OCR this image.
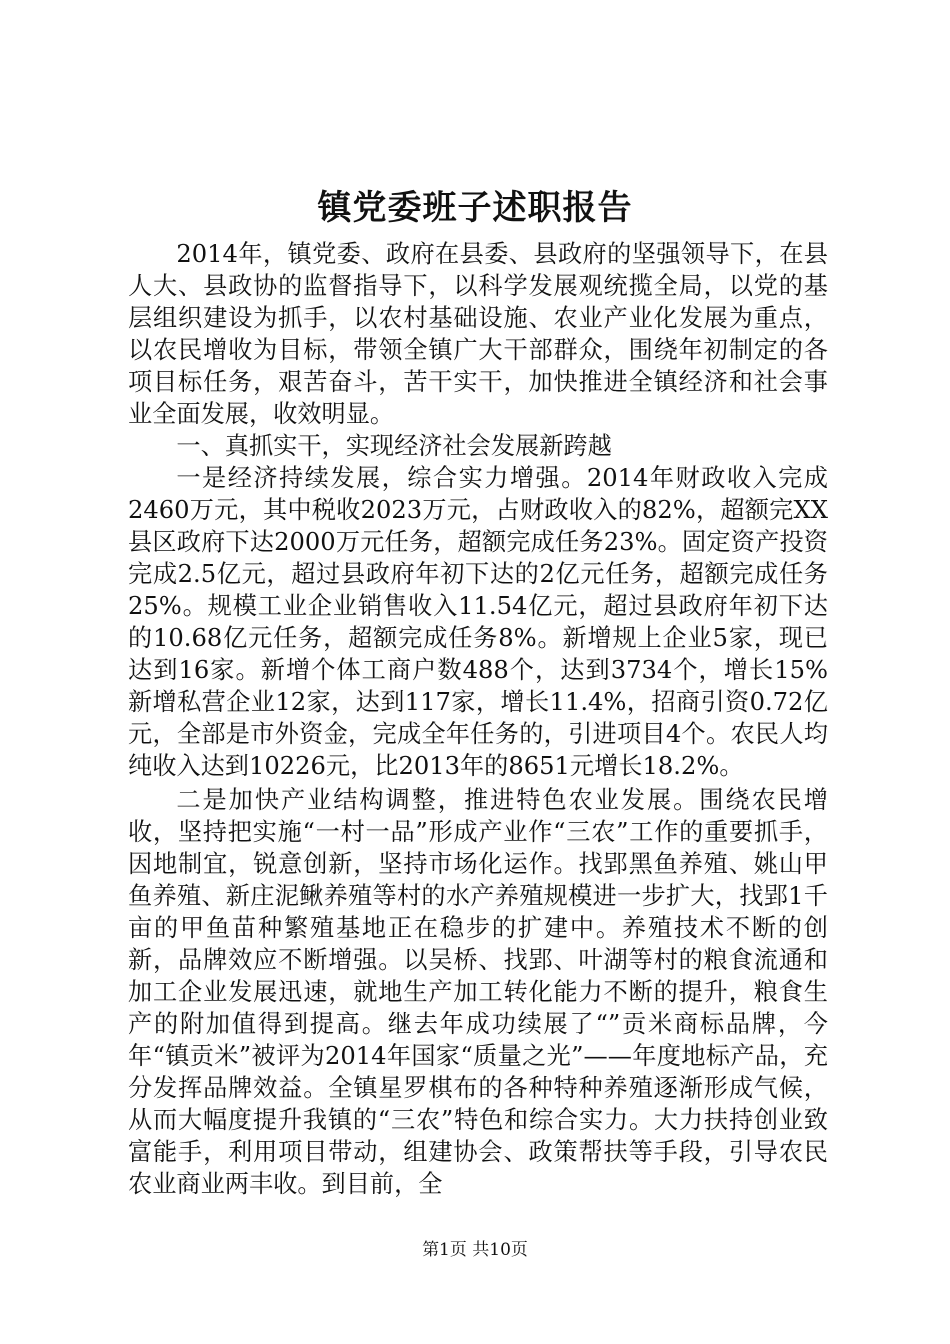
镇党委班子述职报告

2014年，镇党委、政府在县委、县政府的坚强领导下，在县人大、县政协的监督指导下，以科学发展观统揽全局，以党的基层组织建设为抓手，以农村基础设施、农业产业化发展为重点，以农民增收为目标，带领全镇广大干部群众，围绕年初制定的各项目标任务，艰苦奋斗，苦干实干，加快推进全镇经济和社会事业全面发展，收效明显。

一、真抓实干，实现经济社会发展新跨越

一是经济持续发展，综合实力增强。2014年财政收入完成2460万元，其中税收2023万元，占财政收入的82%，超额完XX县区政府下达2000万元任务，超额完成任务23%。固定资产投资完成2.5亿元，超过县政府年初下达的2亿元任务，超额完成任务25%。规模工业企业销售收入11.54亿元，超过县政府年初下达的10.68亿元任务，超额完成任务8%。新增规上企业5家，现已达到16家。新增个体工商户数488个，达到3734个，增长15%新增私营企业12家，达到117家，增长11.4%，招商引资0.72亿元，全部是市外资金，完成全年任务的，引进项目4个。农民人均纯收入达到10226元，比2013年的8651元增长18.2%。

二是加快产业结构调整，推进特色农业发展。围绕农民增收，坚持把实施“一村一品”形成产业作“三农”工作的重要抓手，因地制宜，锐意创新，坚持市场化运作。找郢黑鱼养殖、姚山甲鱼养殖、新庄泥鳅养殖等村的水产养殖规模进一步扩大，找郢1千亩的甲鱼苗种繁殖基地正在稳步的扩建中。养殖技术不断的创新，品牌效应不断增强。以吴桥、找郢、叶湖等村的粮食流通和加工企业发展迅速，就地生产加工转化能力不断的提升，粮食生产的附加值得到提高。继去年成功续展了“”贡米商标品牌，今年“镇贡米”被评为2014年国家“质量之光”——年度地标产品，充分发挥品牌效益。全镇星罗棋布的各种特种养殖逐渐形成气候，从而大幅度提升我镇的“三农”特色和综合实力。大力扶持创业致富能手，利用项目带动，组建协会、政策帮扶等手段，引导农民农业商业两丰收。到目前，全

第1页 共10页
